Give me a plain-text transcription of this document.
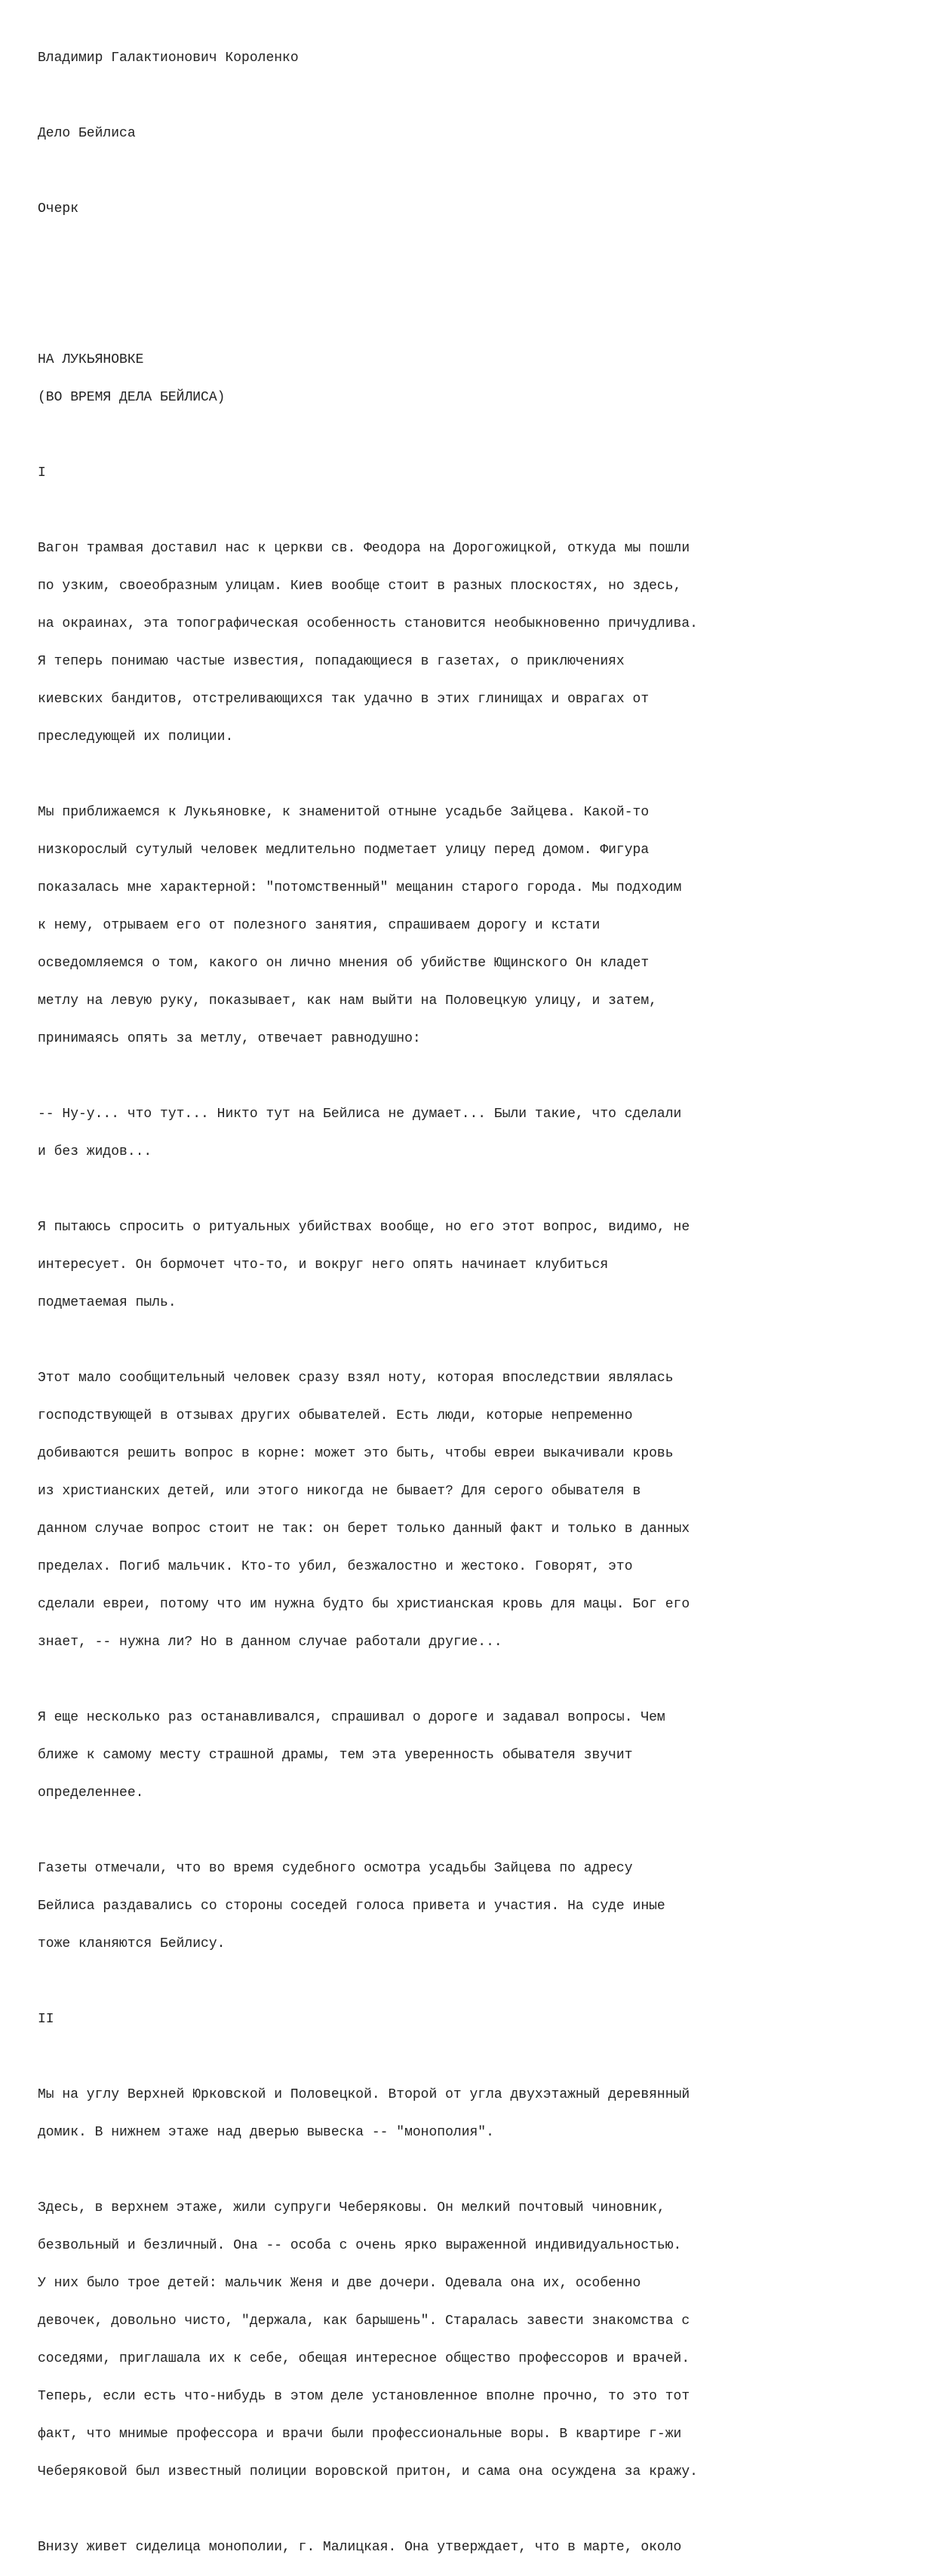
Владимир Галактионович Короленко

Дело Бейлиса

Очерк

НА ЛУКЬЯНОВКЕ

(ВО ВРЕМЯ ДЕЛА БЕЙЛИСА)

I

Вагон трамвая доставил нас к церкви св. Феодора на Дорогожицкой, откуда мы пошли

по узким, своеобразным улицам. Киев вообще стоит в разных плоскостях, но здесь,

на окраинах, эта топографическая особенность становится необыкновенно причудлива.

Я теперь понимаю частые известия, попадающиеся в газетах, о приключениях

киевских бандитов, отстреливающихся так удачно в этих глинищах и оврагах от

преследующей их полиции.

Мы приближаемся к Лукьяновке, к знаменитой отныне усадьбе Зайцева. Какой-то

низкорослый сутулый человек медлительно подметает улицу перед домом. Фигура

показалась мне характерной: "потомственный" мещанин старого города. Мы подходим

к нему, отрываем его от полезного занятия, спрашиваем дорогу и кстати

осведомляемся о том, какого он лично мнения об убийстве Ющинского Он кладет

метлу на левую руку, показывает, как нам выйти на Половецкую улицу, и затем,

принимаясь опять за метлу, отвечает равнодушно:

-- Ну-у... что тут... Никто тут на Бейлиса не думает... Были такие, что сделали

и без жидов...

Я пытаюсь спросить о ритуальных убийствах вообще, но его этот вопрос, видимо, не

интересует. Он бормочет что-то, и вокруг него опять начинает клубиться

подметаемая пыль.

Этот мало сообщительный человек сразу взял ноту, которая впоследствии являлась

господствующей в отзывах других обывателей. Есть люди, которые непременно

добиваются решить вопрос в корне: может это быть, чтобы евреи выкачивали кровь

из христианских детей, или этого никогда не бывает? Для серого обывателя в

данном случае вопрос стоит не так: он берет только данный факт и только в данных

пределах. Погиб мальчик. Кто-то убил, безжалостно и жестоко. Говорят, это

сделали евреи, потому что им нужна будто бы христианская кровь для мацы. Бог его

знает, -- нужна ли? Но в данном случае работали другие...

Я еще несколько раз останавливался, спрашивал о дороге и задавал вопросы. Чем

ближе к самому месту страшной драмы, тем эта уверенность обывателя звучит

определеннее.

Газеты отмечали, что во время судебного осмотра усадьбы Зайцева по адресу

Бейлиса раздавались со стороны соседей голоса привета и участия. На суде иные

тоже кланяются Бейлису.

II

Мы на углу Верхней Юрковской и Половецкой. Второй от угла двухэтажный деревянный

домик. В нижнем этаже над дверью вывеска -- "монополия".

Здесь, в верхнем этаже, жили супруги Чеберяковы. Он мелкий почтовый чиновник,

безвольный и безличный. Она -- особа с очень ярко выраженной индивидуальностью.

У них было трое детей: мальчик Женя и две дочери. Одевала она их, особенно

девочек, довольно чисто, "держала, как барышень". Старалась завести знакомства с

соседями, приглашала их к себе, обещая интересное общество профессоров и врачей.

Теперь, если есть что-нибудь в этом деле установленное вполне прочно, то это тот

факт, что мнимые профессора и врачи были профессиональные воры. В квартире г-жи

Чеберяковой был известный полиции воровской притон, и сама она осуждена за кражу.

Внизу живет сиделица монополии, г. Малицкая. Она утверждает, что в марте, около
